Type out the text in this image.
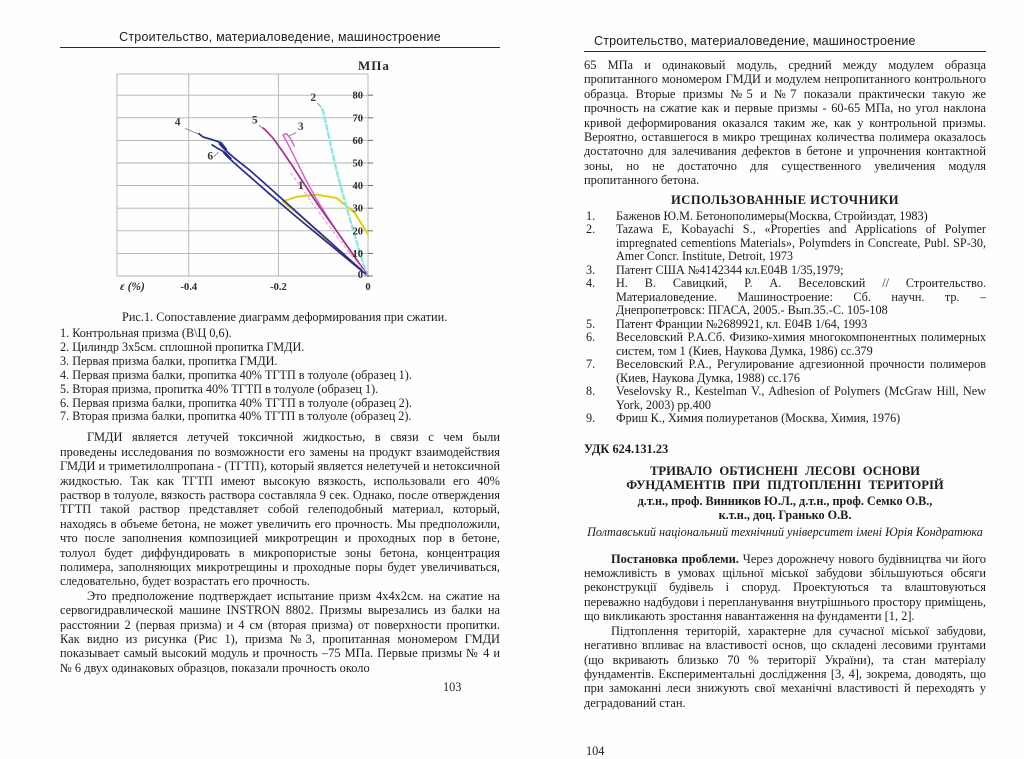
Строительство, материаловедение, машиностроение
1
2
3
4	5
6
0
10
20
30
40
50
60
70
80
-0.4	-0.2	0
ε (%)
МПа
Рис.1. Сопоставление диаграмм деформирования при сжатии.
1. Контрольная призма (В\Ц 0,6).
2. Цилиндр 3х5см. сплошной пропитка ГМДИ.
3. Первая призма балки, пропитка ГМДИ.
4. Первая призма балки, пропитка 40% ТГТП в толуоле (образец 1).
5. Вторая призма, пропитка 40% ТГТП в толуоле (образец 1).
6. Первая призма балки, пропитка 40% ТГТП в толуоле (образец 2).
7. Вторая призма балки, пропитка 40% ТГТП в толуоле (образец 2).

ГМДИ является летучей токсичной жидкостью, в связи с чем были проведены исследования по возможности его замены на продукт взаимодействия ГМДИ и триметилолпропана - (ТГТП), который является нелетучей и нетоксичной жидкостью. Так как ТГТП имеют высокую вязкость, использовали его 40% раствор в толуоле, вязкость раствора составляла 9 сек. Однако, после отверждения ТГТП такой раствор представляет собой гелеподобный материал, который, находясь в объеме бетона, не может увеличить его прочность. Мы предположили, что после заполнения композицией микротрещин и проходных пор в бетоне, толуол будет диффундировать в микропористые зоны бетона, концентрация полимера, заполняющих микротрещины и проходные поры будет увеличиваться, следовательно, будет возрастать его прочность.

Это предположение подтверждает испытание призм 4х4х2см. на сжатие на сервогидравлической машине INSTRON 8802. Призмы вырезались из балки на расстоянии 2 (первая призма) и 4 см (вторая призма) от поверхности пропитки. Как видно из рисунка (Рис 1), призма №3, пропитанная мономером ГМДИ показывает самый высокий модуль и прочность –75 МПа. Первые призмы № 4 и № 6 двух одинаковых образцов, показали прочность около

103
Строительство, материаловедение, машиностроение

65 МПа и одинаковый модуль, средний между модулем образца пропитанного мономером ГМДИ и модулем непропитанного контрольного образца. Вторые призмы №5 и №7 показали практически такую же прочность на сжатие как и первые призмы - 60-65 МПа, но угол наклона кривой деформирования оказался таким же, как у контрольной призмы. Вероятно, оставшегося в микро трещинах количества полимера оказалось достаточно для залечивания дефектов в бетоне и упрочнения контактной зоны, но не достаточно для существенного увеличения модуля пропитанного бетона.

ИСПОЛЬЗОВАННЫЕ ИСТОЧНИКИ
1.	Баженов Ю.М. Бетонополимеры(Москва, Стройиздат, 1983)
2.	Tazawa E, Kobayachi S., «Properties and Applications of Polymer impregnated cementions Materials», Polymders in Concreate, Publ. SP-30, Amer Concr. Institute, Detroit, 1973
3.	Патент США №4142344 кл.Е04В 1/35,1979;
4.	Н. В. Савицкий, Р. А. Веселовский // Строительство. Материаловедение. Машиностроение: Сб. научн. тр. – Днепропетровск: ПГАСА, 2005.- Вып.35.-С. 105-108
5.	Патент Франции №2689921, кл. Е04В 1/64, 1993
6.	Веселовский Р.А.Сб. Физико-химия многокомпонентных полимерных систем, том 1 (Киев, Наукова Думка, 1986) сс.379
7.	Веселовский Р.А., Регулирование адгезионной прочности полимеров (Киев, Наукова Думка, 1988) сс.176
8.	Veselovsky R., Kestelman V., Adhesion of Polymers (McGraw Hill, New York, 2003) pp.400
9.	Фриш К., Химия полиуретанов (Москва, Химия, 1976)
УДК 624.131.23
ТРИВАЛО ОБТИСНЕНІ ЛЕСОВІ ОСНОВИ
ФУНДАМЕНТІВ ПРИ ПІДТОПЛЕННІ ТЕРИТОРІЙ
д.т.н., проф. Винников Ю.Л., д.т.н., проф. Семко О.В.,
к.т.н., доц. Гранько О.В.
Полтавський національний технічний університет імені Юрія Кондратюка

Постановка проблеми. Через дорожнечу нового будівництва чи його неможливість в умовах щільної міської забудови збільшуються обсяги реконструкції будівель і споруд. Проектуються та влаштовуються переважно надбудови і перепланування внутрішнього простору приміщень, що викликають зростання навантаження на фундаменти [1, 2].

Підтоплення територій, характерне для сучасної міської забудови, негативно впливає на властивості основ, що складені лесовими ґрунтами (що вкривають близько 70 % території України), та стан матеріалу фундаментів. Експериментальні дослідження [3, 4], зокрема, доводять, що при замоканні леси знижують свої механічні властивості й переходять у деградований стан.

104
